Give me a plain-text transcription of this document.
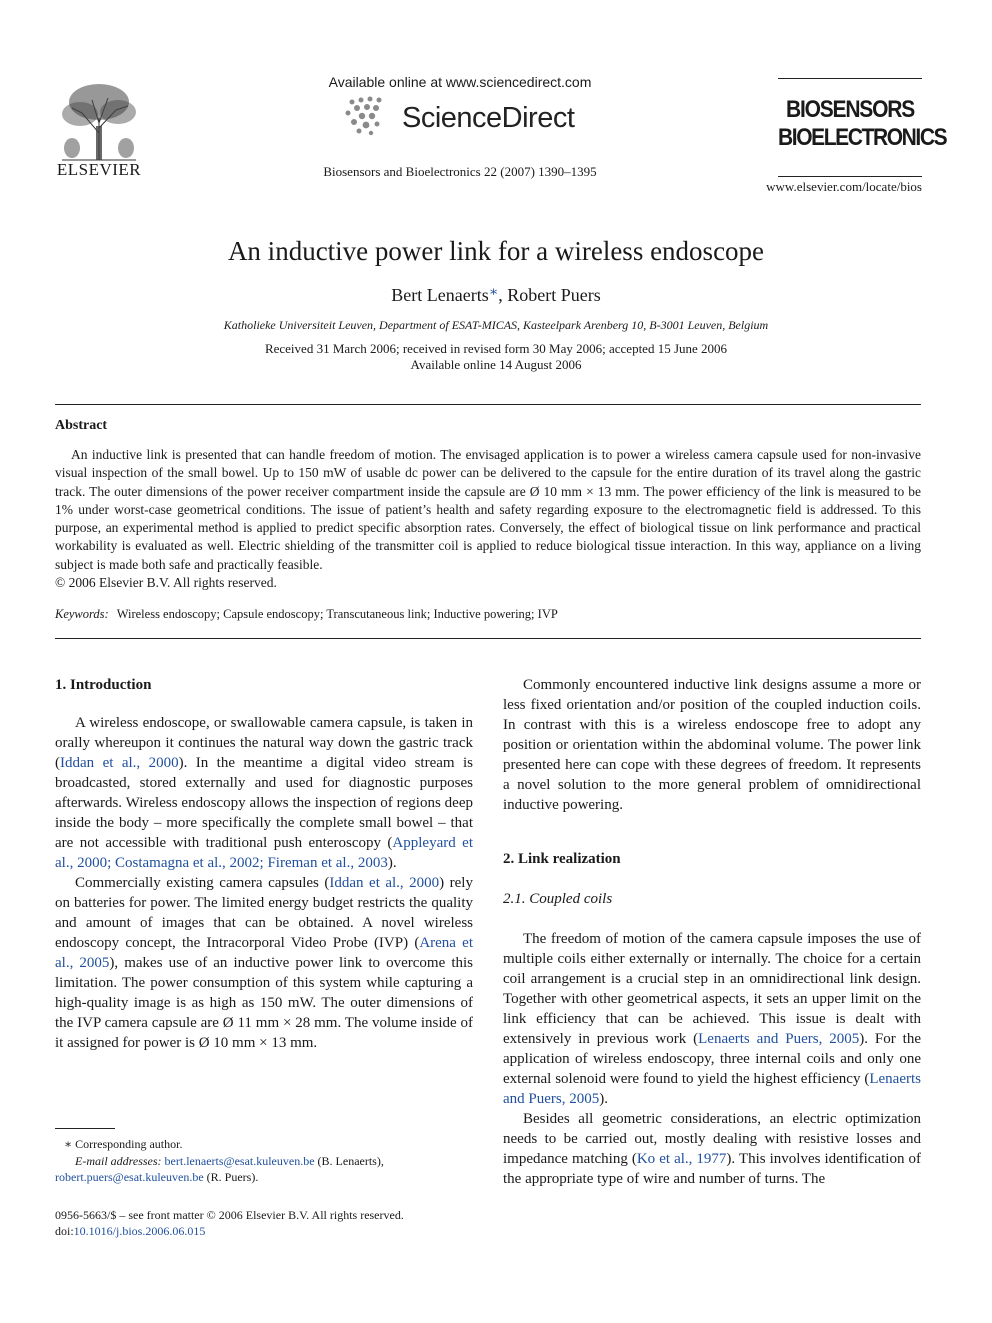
ELSEVIER
Available online at www.sciencedirect.com
ScienceDirect
Biosensors and Bioelectronics 22 (2007) 1390–1395
BIOSENSORS
BIOELECTRONICS
www.elsevier.com/locate/bios
An inductive power link for a wireless endoscope
Bert Lenaerts∗, Robert Puers
Katholieke Universiteit Leuven, Department of ESAT-MICAS, Kasteelpark Arenberg 10, B-3001 Leuven, Belgium
Received 31 March 2006; received in revised form 30 May 2006; accepted 15 June 2006
Available online 14 August 2006
Abstract
An inductive link is presented that can handle freedom of motion. The envisaged application is to power a wireless camera capsule used for non-invasive visual inspection of the small bowel. Up to 150 mW of usable dc power can be delivered to the capsule for the entire duration of its travel along the gastric track. The outer dimensions of the power receiver compartment inside the capsule are Ø 10 mm × 13 mm. The power efficiency of the link is measured to be 1% under worst-case geometrical conditions. The issue of patient’s health and safety regarding exposure to the electromagnetic field is addressed. To this purpose, an experimental method is applied to predict specific absorption rates. Conversely, the effect of biological tissue on link performance and practical workability is evaluated as well. Electric shielding of the transmitter coil is applied to reduce biological tissue interaction. In this way, appliance on a living subject is made both safe and practically feasible.
© 2006 Elsevier B.V. All rights reserved.
Keywords: Wireless endoscopy; Capsule endoscopy; Transcutaneous link; Inductive powering; IVP
1. Introduction

A wireless endoscope, or swallowable camera capsule, is taken in orally whereupon it continues the natural way down the gastric track (Iddan et al., 2000). In the meantime a digital video stream is broadcasted, stored externally and used for diagnostic purposes afterwards. Wireless endoscopy allows the inspection of regions deep inside the body – more specifically the complete small bowel – that are not accessible with traditional push enteroscopy (Appleyard et al., 2000; Costamagna et al., 2002; Fireman et al., 2003).

Commercially existing camera capsules (Iddan et al., 2000) rely on batteries for power. The limited energy budget restricts the quality and amount of images that can be obtained. A novel wireless endoscopy concept, the Intracorporal Video Probe (IVP) (Arena et al., 2005), makes use of an inductive power link to overcome this limitation. The power consumption of this system while capturing a high-quality image is as high as 150 mW. The outer dimensions of the IVP camera capsule are Ø 11 mm × 28 mm. The volume inside of it assigned for power is Ø 10 mm × 13 mm.

Commonly encountered inductive link designs assume a more or less fixed orientation and/or position of the coupled induction coils. In contrast with this is a wireless endoscope free to adopt any position or orientation within the abdominal volume. The power link presented here can cope with these degrees of freedom. It represents a novel solution to the more general problem of omnidirectional inductive powering.

2. Link realization
2.1. Coupled coils

The freedom of motion of the camera capsule imposes the use of multiple coils either externally or internally. The choice for a certain coil arrangement is a crucial step in an omnidirectional link design. Together with other geometrical aspects, it sets an upper limit on the link efficiency that can be achieved. This issue is dealt with extensively in previous work (Lenaerts and Puers, 2005). For the application of wireless endoscopy, three internal coils and only one external solenoid were found to yield the highest efficiency (Lenaerts and Puers, 2005).

Besides all geometric considerations, an electric optimization needs to be carried out, mostly dealing with resistive losses and impedance matching (Ko et al., 1977). This involves identification of the appropriate type of wire and number of turns. The

∗ Corresponding author.
E-mail addresses: bert.lenaerts@esat.kuleuven.be (B. Lenaerts),
robert.puers@esat.kuleuven.be (R. Puers).
0956-5663/$ – see front matter © 2006 Elsevier B.V. All rights reserved.
doi:10.1016/j.bios.2006.06.015
